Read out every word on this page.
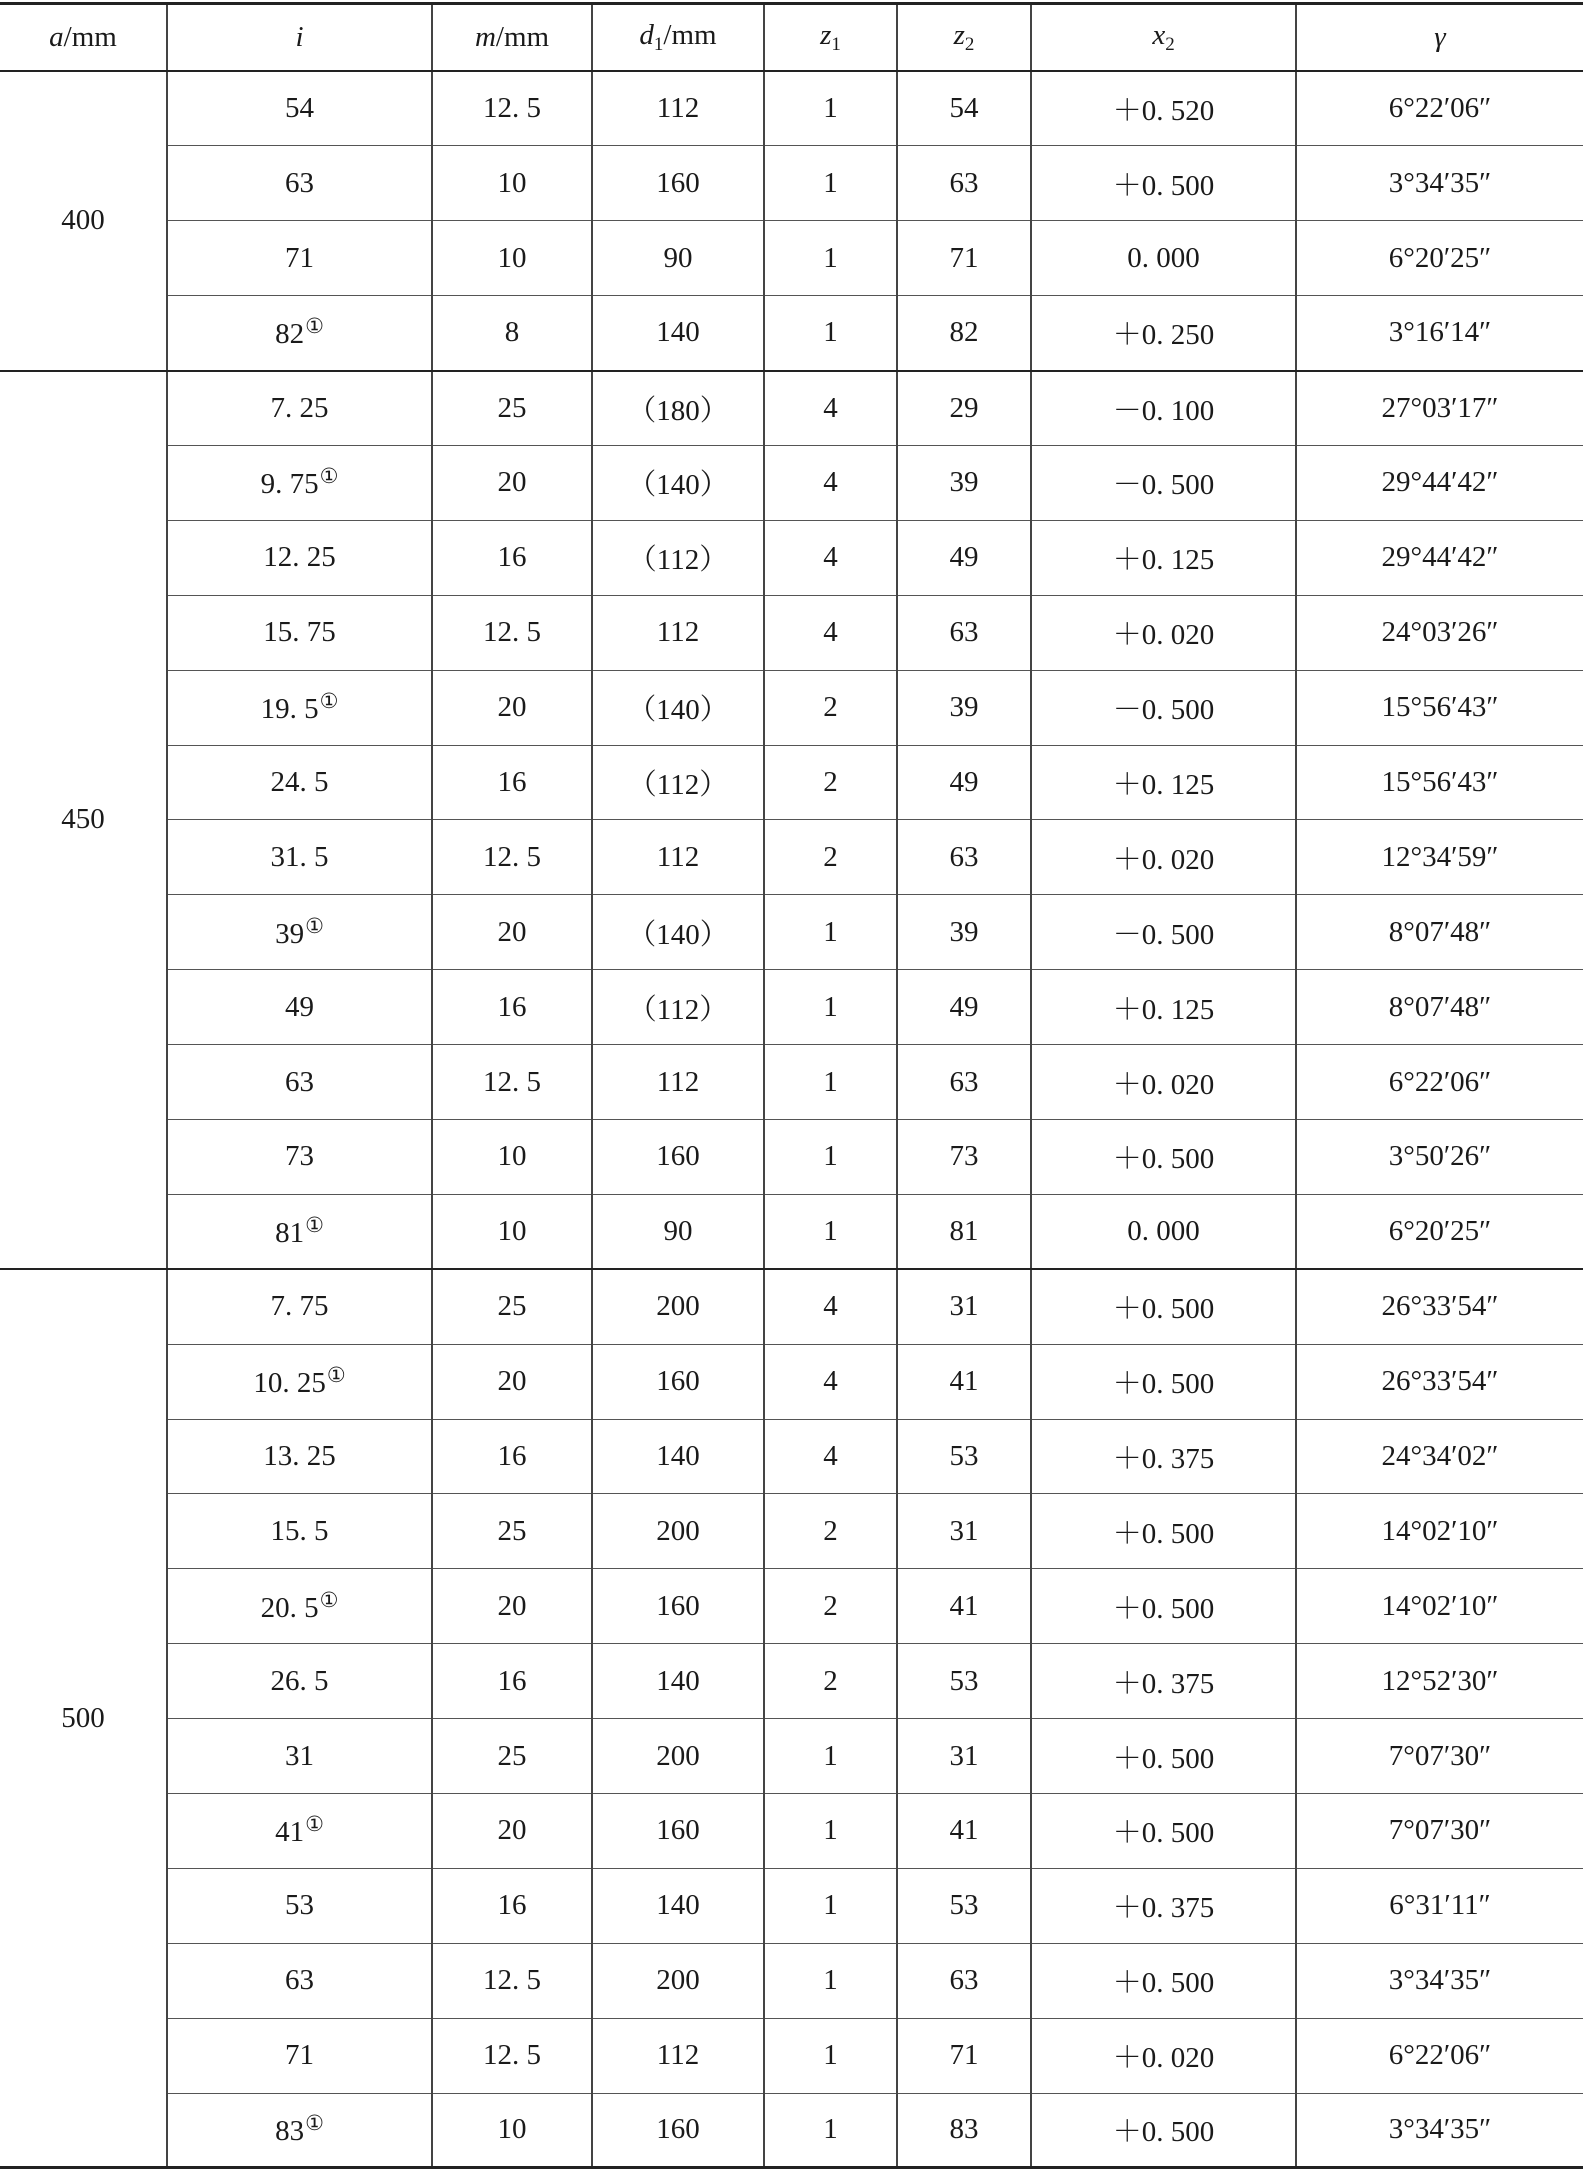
a/mm	i	m/mm	$d_1/mm$	$z_1$	$z_2$	$x_2$	γ
400	54	12. 5	112	1	54	＋0. 520	6°22′06″
	63	10	160	1	63	＋0. 500	3°34′35″
	71	10	90	1	71	0. 000	6°20′25″
	82①	8	140	1	82	＋0. 250	3°16′14″
450	7. 25	25	（180）	4	29	－0. 100	27°03′17″
	9. 75①	20	（140）	4	39	－0. 500	29°44′42″
	12. 25	16	（112）	4	49	＋0. 125	29°44′42″
	15. 75	12. 5	112	4	63	＋0. 020	24°03′26″
	19. 5①	20	（140）	2	39	－0. 500	15°56′43″
	24. 5	16	（112）	2	49	＋0. 125	15°56′43″
	31. 5	12. 5	112	2	63	＋0. 020	12°34′59″
	39①	20	（140）	1	39	－0. 500	8°07′48″
	49	16	（112）	1	49	＋0. 125	8°07′48″
	63	12. 5	112	1	63	＋0. 020	6°22′06″
	73	10	160	1	73	＋0. 500	3°50′26″
	81①	10	90	1	81	0. 000	6°20′25″
500	7. 75	25	200	4	31	＋0. 500	26°33′54″
	10. 25①	20	160	4	41	＋0. 500	26°33′54″
	13. 25	16	140	4	53	＋0. 375	24°34′02″
	15. 5	25	200	2	31	＋0. 500	14°02′10″
	20. 5①	20	160	2	41	＋0. 500	14°02′10″
	26. 5	16	140	2	53	＋0. 375	12°52′30″
	31	25	200	1	31	＋0. 500	7°07′30″
	41①	20	160	1	41	＋0. 500	7°07′30″
	53	16	140	1	53	＋0. 375	6°31′11″
	63	12. 5	200	1	63	＋0. 500	3°34′35″
	71	12. 5	112	1	71	＋0. 020	6°22′06″
	83①	10	160	1	83	＋0. 500	3°34′35″
